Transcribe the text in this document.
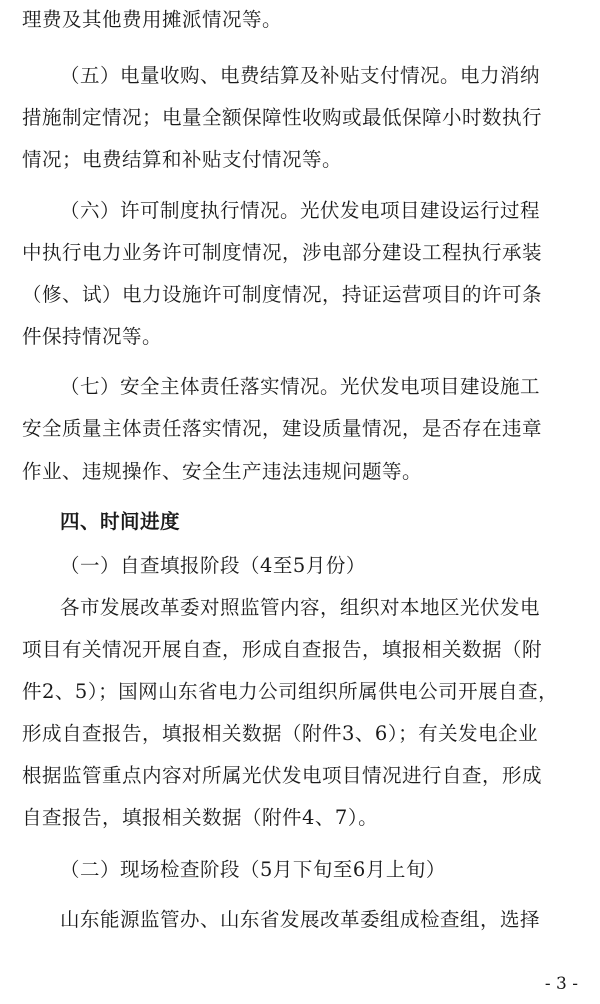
理费及其他费用摊派情况等。
（五）电量收购、电费结算及补贴支付情况。电力消纳
措施制定情况；电量全额保障性收购或最低保障小时数执行
情况；电费结算和补贴支付情况等。
（六）许可制度执行情况。光伏发电项目建设运行过程
中执行电力业务许可制度情况，涉电部分建设工程执行承装
（修、试）电力设施许可制度情况，持证运营项目的许可条
件保持情况等。
（七）安全主体责任落实情况。光伏发电项目建设施工
安全质量主体责任落实情况，建设质量情况，是否存在违章
作业、违规操作、安全生产违法违规问题等。
四、时间进度
（一）自查填报阶段（4至5月份）
各市发展改革委对照监管内容，组织对本地区光伏发电
项目有关情况开展自查，形成自查报告，填报相关数据（附
件2、5）；国网山东省电力公司组织所属供电公司开展自查，
形成自查报告，填报相关数据（附件3、6）；有关发电企业
根据监管重点内容对所属光伏发电项目情况进行自查，形成
自查报告，填报相关数据（附件4、7）。
（二）现场检查阶段（5月下旬至6月上旬）
山东能源监管办、山东省发展改革委组成检查组，选择
- 3 -
